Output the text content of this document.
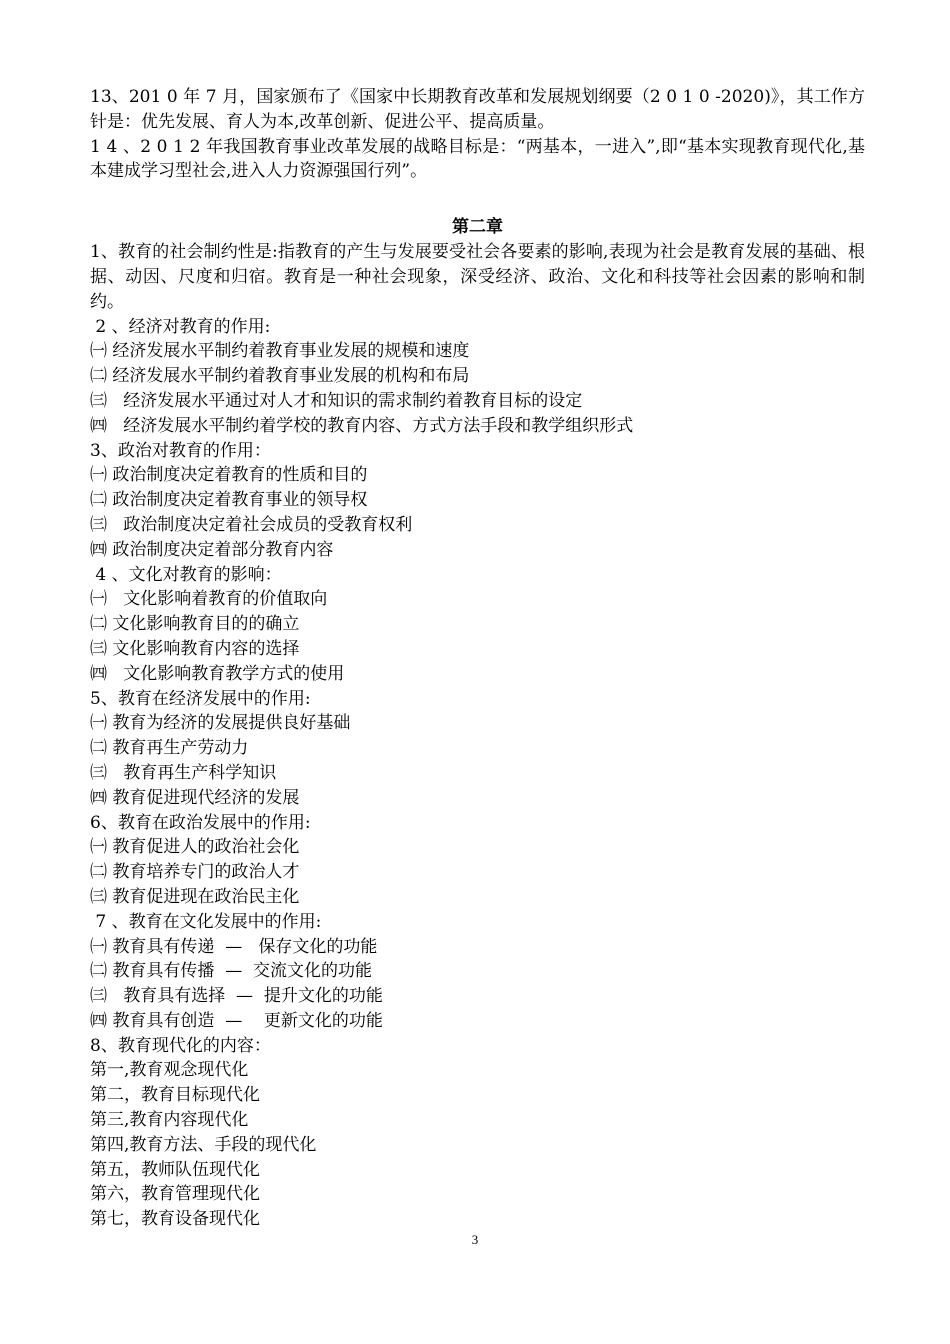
13、201 0 年 7 月，国家颁布了《国家中长期教育改革和发展规划纲要（2 0 1 0 -2020)》，其工作方针是：优先发展、育人为本,改革创新、促进公平、提高质量。
1 4 、2 0 1 2 年我国教育事业改革发展的战略目标是：“两基本，一进入”,即“基本实现教育现代化,基本建成学习型社会,进入人力资源强国行列”。
第二章
1、教育的社会制约性是:指教育的产生与发展要受社会各要素的影响,表现为社会是教育发展的基础、根据、动因、尺度和归宿。教育是一种社会现象，深受经济、政治、文化和科技等社会因素的影响和制约。
2 、经济对教育的作用:
㈠ 经济发展水平制约着教育事业发展的规模和速度
㈡ 经济发展水平制约着教育事业发展的机构和布局
㈢   经济发展水平通过对人才和知识的需求制约着教育目标的设定
㈣   经济发展水平制约着学校的教育内容、方式方法手段和教学组织形式
3、政治对教育的作用：
㈠ 政治制度决定着教育的性质和目的
㈡ 政治制度决定着教育事业的领导权
㈢   政治制度决定着社会成员的受教育权利
㈣ 政治制度决定着部分教育内容
4 、文化对教育的影响：
㈠   文化影响着教育的价值取向
㈡ 文化影响教育目的的确立
㈢ 文化影响教育内容的选择
㈣   文化影响教育教学方式的使用
5、教育在经济发展中的作用:
㈠ 教育为经济的发展提供良好基础
㈡ 教育再生产劳动力
㈢   教育再生产科学知识
㈣ 教育促进现代经济的发展
6、教育在政治发展中的作用:
㈠ 教育促进人的政治社会化
㈡ 教育培养专门的政治人才
㈢ 教育促进现在政治民主化
7 、教育在文化发展中的作用:
㈠ 教育具有传递  —   保存文化的功能
㈡ 教育具有传播  —  交流文化的功能
㈢   教育具有选择  —  提升文化的功能
㈣ 教育具有创造  —    更新文化的功能
8、教育现代化的内容：
第一,教育观念现代化
第二，教育目标现代化
第三,教育内容现代化
第四,教育方法、手段的现代化
第五，教师队伍现代化
第六，教育管理现代化
第七，教育设备现代化
3
